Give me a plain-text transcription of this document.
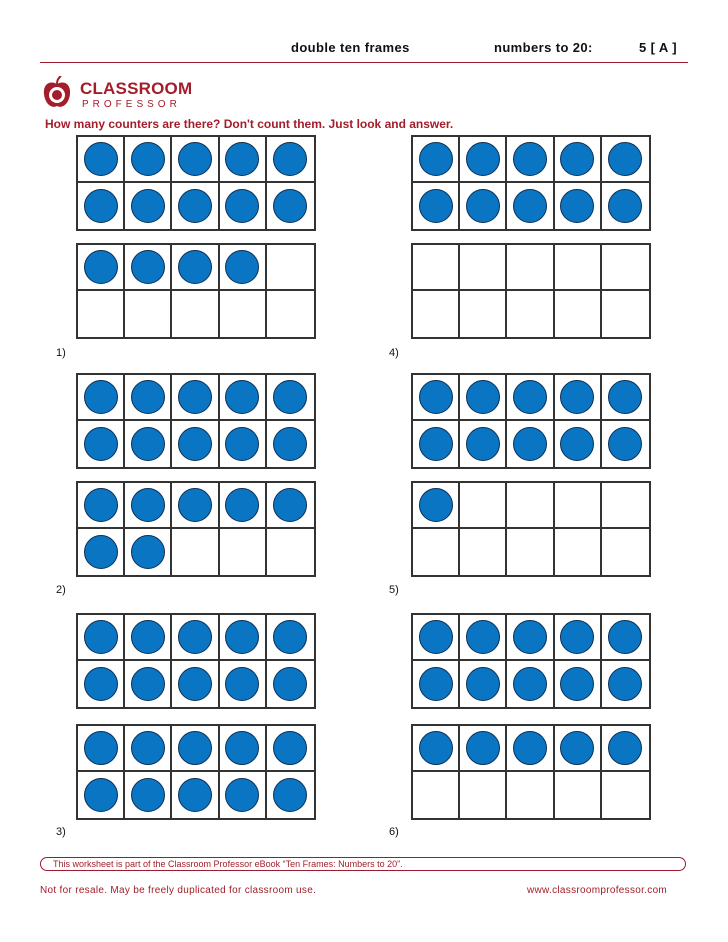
double ten frames	numbers to 20:	5 [ A ]
CLASSROOM
PROFESSOR
How many counters are there? Don't count them. Just look and answer.
1)
2)
3)
4)
5)
6)
This worksheet is part of the Classroom Professor eBook “Ten Frames: Numbers to 20”.
Not for resale. May be freely duplicated for classroom use.	www.classroomprofessor.com
